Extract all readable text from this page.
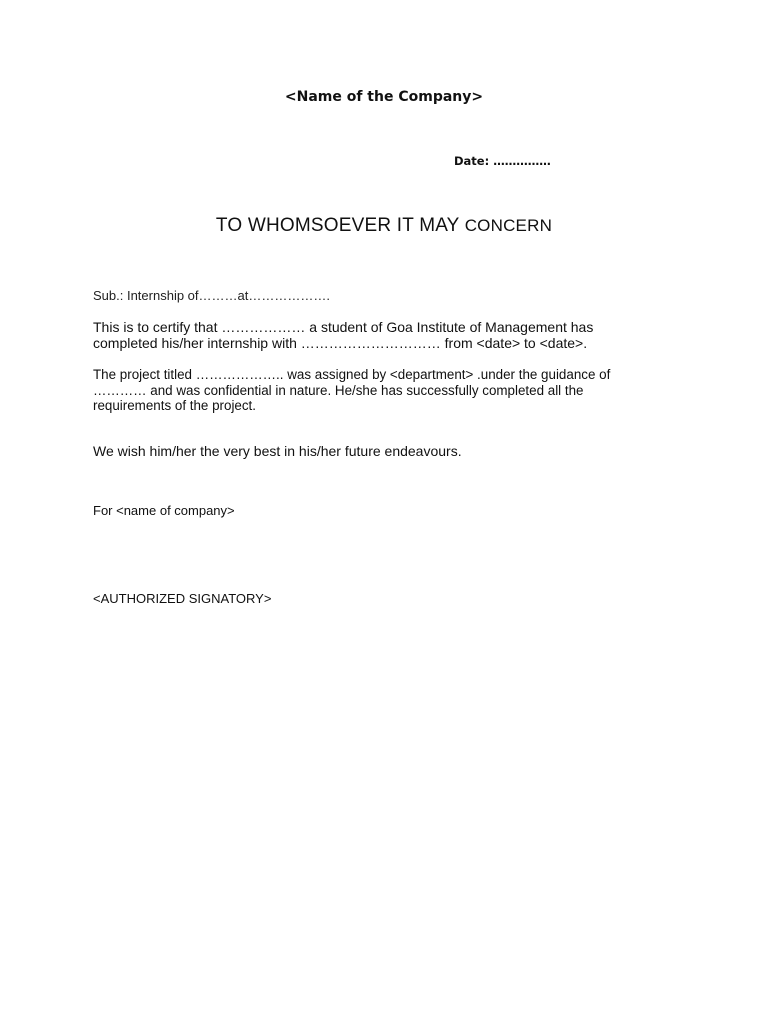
<Name of the Company>
Date: ……………
TO WHOMSOEVER IT MAY CONCERN
Sub.: Internship of………at……………….
This is to certify that ……………… a student of Goa Institute of Management has
completed his/her internship with ………………………… from <date> to <date>.
The project titled ……………….. was assigned by <department> .under the guidance of
………… and was confidential in nature. He/she has successfully completed all the
requirements of the project.
We wish him/her the very best in his/her future endeavours.
For <name of company>
<AUTHORIZED SIGNATORY>
